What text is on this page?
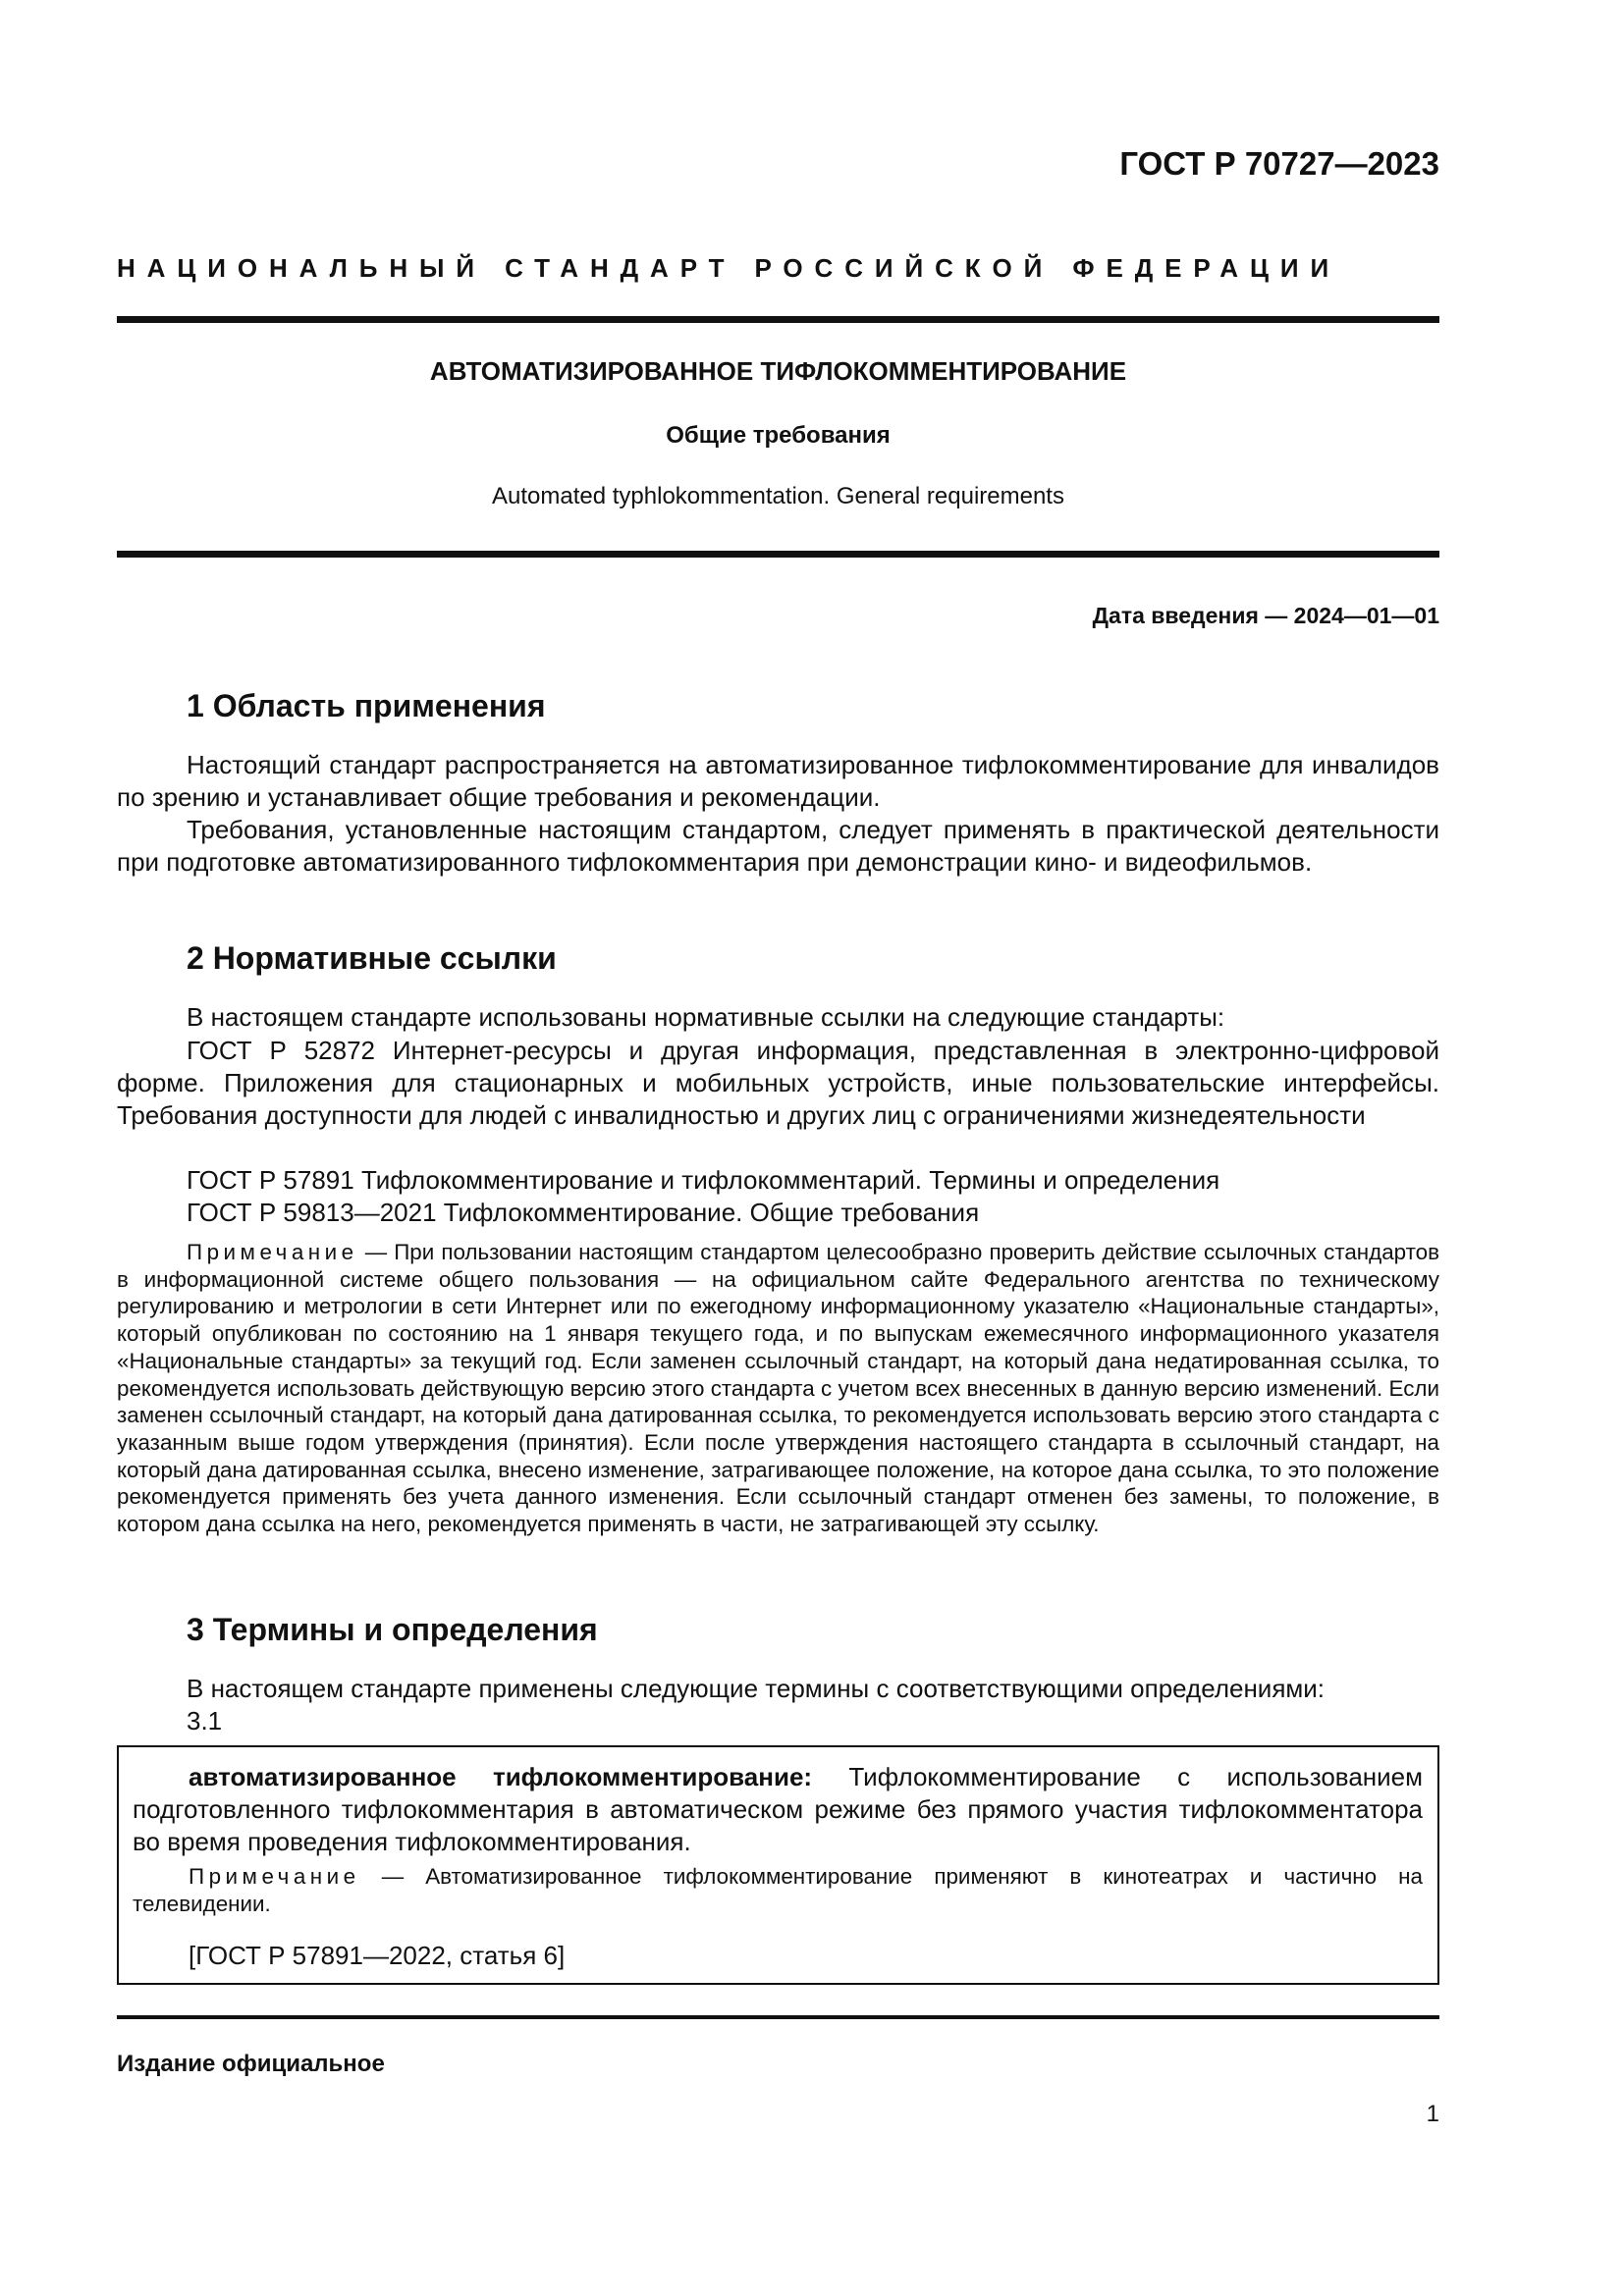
ГОСТ Р 70727—2023

НАЦИОНАЛЬНЫЙ СТАНДАРТ РОССИЙСКОЙ ФЕДЕРАЦИИ

АВТОМАТИЗИРОВАННОЕ ТИФЛОКОММЕНТИРОВАНИЕ

Общие требования

Automated typhlokommentation. General requirements

Дата введения — 2024—01—01

1 Область применения

Настоящий стандарт распространяется на автоматизированное тифлокомментирование для инвалидов по зрению и устанавливает общие требования и рекомендации.

Требования, установленные настоящим стандартом, следует применять в практической деятельности при подготовке автоматизированного тифлокомментария при демонстрации кино- и видеофильмов.

2 Нормативные ссылки

В настоящем стандарте использованы нормативные ссылки на следующие стандарты:

ГОСТ Р 52872 Интернет-ресурсы и другая информация, представленная в электронно-цифровой форме. Приложения для стационарных и мобильных устройств, иные пользовательские интерфейсы. Требования доступности для людей с инвалидностью и других лиц с ограничениями жизнедеятельности

ГОСТ Р 57891 Тифлокомментирование и тифлокомментарий. Термины и определения

ГОСТ Р 59813—2021 Тифлокомментирование. Общие требования

Примечание — При пользовании настоящим стандартом целесообразно проверить действие ссылочных стандартов в информационной системе общего пользования — на официальном сайте Федерального агентства по техническому регулированию и метрологии в сети Интернет или по ежегодному информационному указателю «Национальные стандарты», который опубликован по состоянию на 1 января текущего года, и по выпускам ежемесячного информационного указателя «Национальные стандарты» за текущий год. Если заменен ссылочный стандарт, на который дана недатированная ссылка, то рекомендуется использовать действующую версию этого стандарта с учетом всех внесенных в данную версию изменений. Если заменен ссылочный стандарт, на который дана датированная ссылка, то рекомендуется использовать версию этого стандарта с указанным выше годом утверждения (принятия). Если после утверждения настоящего стандарта в ссылочный стандарт, на который дана датированная ссылка, внесено изменение, затрагивающее положение, на которое дана ссылка, то это положение рекомендуется применять без учета данного изменения. Если ссылочный стандарт отменен без замены, то положение, в котором дана ссылка на него, рекомендуется применять в части, не затрагивающей эту ссылку.

3 Термины и определения

В настоящем стандарте применены следующие термины с соответствующими определениями:

3.1

автоматизированное тифлокомментирование: Тифлокомментирование с использованием подготовленного тифлокомментария в автоматическом режиме без прямого участия тифлокомментатора во время проведения тифлокомментирования.

Примечание — Автоматизированное тифлокомментирование применяют в кинотеатрах и частично на телевидении.

[ГОСТ Р 57891—2022, статья 6]

Издание официальное

1
